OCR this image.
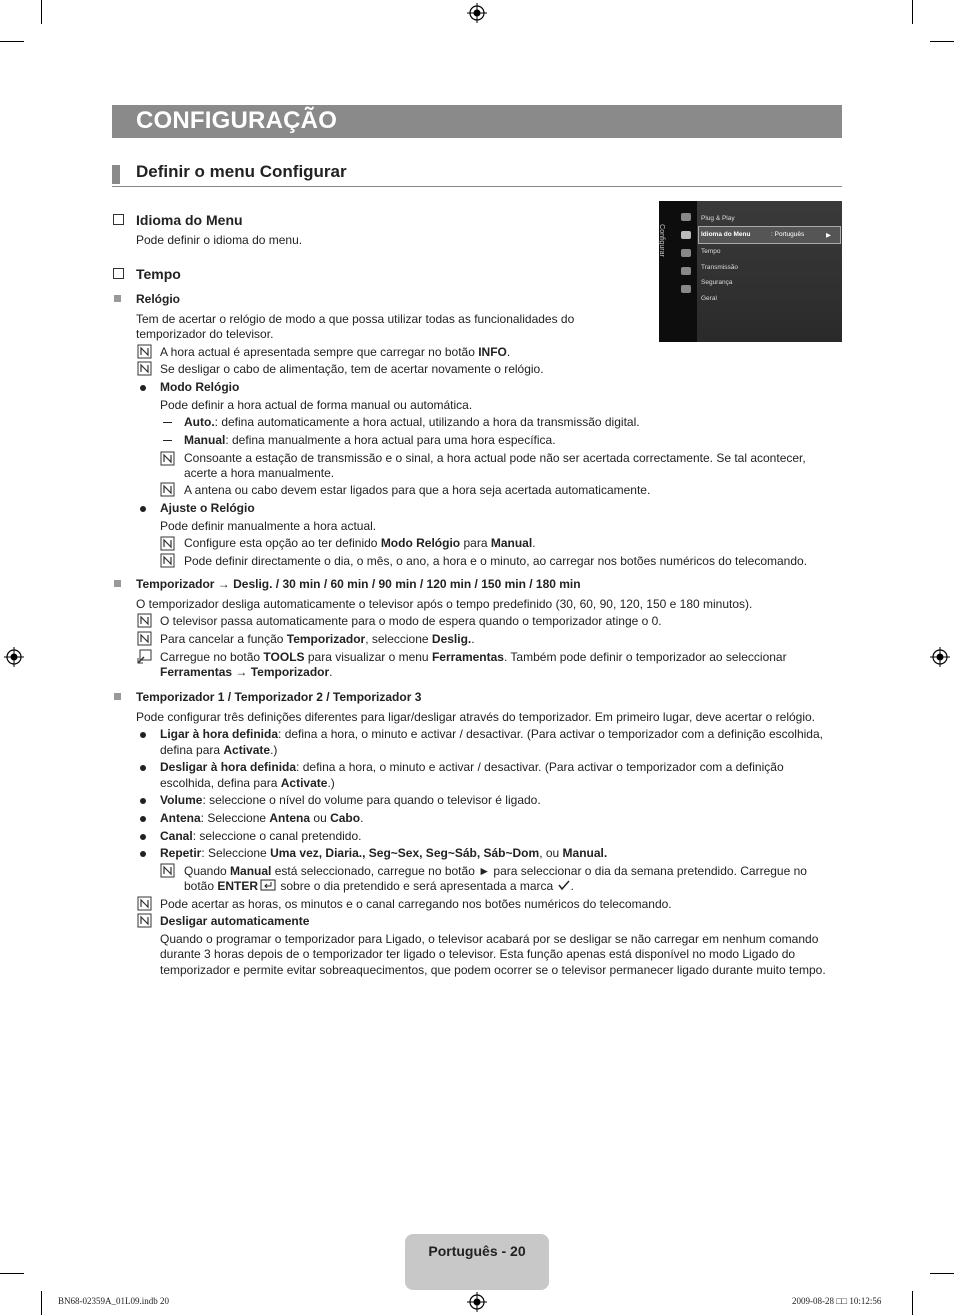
CONFIGURAÇÃO
Definir o menu Configurar
Configurar
Plug & Play
Idioma do Menu	: Português	▶
Tempo
Transmissão
Segurança
Geral
Idioma do Menu
Pode definir o idioma do menu.
Tempo
Relógio
Tem de acertar o relógio de modo a que possa utilizar todas as funcionalidades do
temporizador do televisor.
A hora actual é apresentada sempre que carregar no botão INFO.
Se desligar o cabo de alimentação, tem de acertar novamente o relógio.
Modo Relógio
Pode definir a hora actual de forma manual ou automática.
Auto.: defina automaticamente a hora actual, utilizando a hora da transmissão digital.
Manual: defina manualmente a hora actual para uma hora específica.
Consoante a estação de transmissão e o sinal, a hora actual pode não ser acertada correctamente. Se tal acontecer,
acerte a hora manualmente.
A antena ou cabo devem estar ligados para que a hora seja acertada automaticamente.
Ajuste o Relógio
Pode definir manualmente a hora actual.
Configure esta opção ao ter definido Modo Relógio para Manual.
Pode definir directamente o dia, o mês, o ano, a hora e o minuto, ao carregar nos botões numéricos do telecomando.
Temporizador → Deslig. / 30 min / 60 min / 90 min / 120 min / 150 min / 180 min
O temporizador desliga automaticamente o televisor após o tempo predefinido (30, 60, 90, 120, 150 e 180 minutos).
O televisor passa automaticamente para o modo de espera quando o temporizador atinge o 0.
Para cancelar a função Temporizador, seleccione Deslig..
Carregue no botão TOOLS para visualizar o menu Ferramentas. Também pode definir o temporizador ao seleccionar
Ferramentas → Temporizador.
Temporizador 1 / Temporizador 2 / Temporizador 3
Pode configurar três definições diferentes para ligar/desligar através do temporizador. Em primeiro lugar, deve acertar o relógio.
Ligar à hora definida: defina a hora, o minuto e activar / desactivar. (Para activar o temporizador com a definição escolhida,
defina para Activate.)
Desligar à hora definida: defina a hora, o minuto e activar / desactivar. (Para activar o temporizador com a definição
escolhida, defina para Activate.)
Volume: seleccione o nível do volume para quando o televisor é ligado.
Antena: Seleccione Antena ou Cabo.
Canal: seleccione o canal pretendido.
Repetir: Seleccione Uma vez, Diaria., Seg~Sex, Seg~Sáb, Sáb~Dom, ou Manual.
Quando Manual está seleccionado, carregue no botão ► para seleccionar o dia da semana pretendido. Carregue no
botão ENTER sobre o dia pretendido e será apresentada a marca .
Pode acertar as horas, os minutos e o canal carregando nos botões numéricos do telecomando.
Desligar automaticamente
Quando o programar o temporizador para Ligado, o televisor acabará por se desligar se não carregar em nenhum comando
durante 3 horas depois de o temporizador ter ligado o televisor. Esta função apenas está disponível no modo Ligado do
temporizador e permite evitar sobreaquecimentos, que podem ocorrer se o televisor permanecer ligado durante muito tempo.
Português - 20
BN68-02359A_01L09.indb 20	2009-08-28 □□ 10:12:56
